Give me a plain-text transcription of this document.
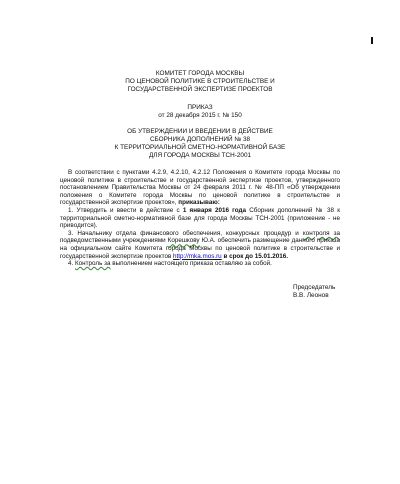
КОМИТЕТ ГОРОДА МОСКВЫ
ПО ЦЕНОВОЙ ПОЛИТИКЕ В СТРОИТЕЛЬСТВЕ И
ГОСУДАРСТВЕННОЙ ЭКСПЕРТИЗЕ ПРОЕКТОВ
ПРИКАЗ
от 28 декабря 2015 г. № 150
ОБ УТВЕРЖДЕНИИ И ВВЕДЕНИИ В ДЕЙСТВИЕ
СБОРНИКА ДОПОЛНЕНИЙ № 38
К ТЕРРИТОРИАЛЬНОЙ СМЕТНО-НОРМАТИВНОЙ БАЗЕ
ДЛЯ ГОРОДА МОСКВЫ ТСН-2001

В соответствии с пунктами 4.2.9, 4.2.10, 4.2.12 Положения о Комитете города Москвы по ценовой политике в строительстве и государственной экспертизе проектов, утвержденного постановлением Правительства Москвы от 24 февраля 2011 г. № 48-ПП «Об утверждении положения о Комитете города Москвы по ценовой политике в строительстве и государственной экспертизе проектов», приказываю:

1. Утвердить и ввести в действие с 1 января 2016 года Сборник дополнений № 38 к территориальной сметно-нормативной базе для города Москвы ТСН-2001 (приложение - не приводится).

3. Начальнику отдела финансового обеспечения, конкурсных процедур и контроля за подведомственными учреждениями Корешкову Ю.А. обеспечить размещение данного приказа на официальном сайте Комитета города Москвы по ценовой политике в строительстве и государственной экспертизе проектов http://mka.mos.ru в срок до 15.01.2016.

4. Контроль за выполнением настоящего приказа оставляю за собой.

Председатель
В.В. Леонов
